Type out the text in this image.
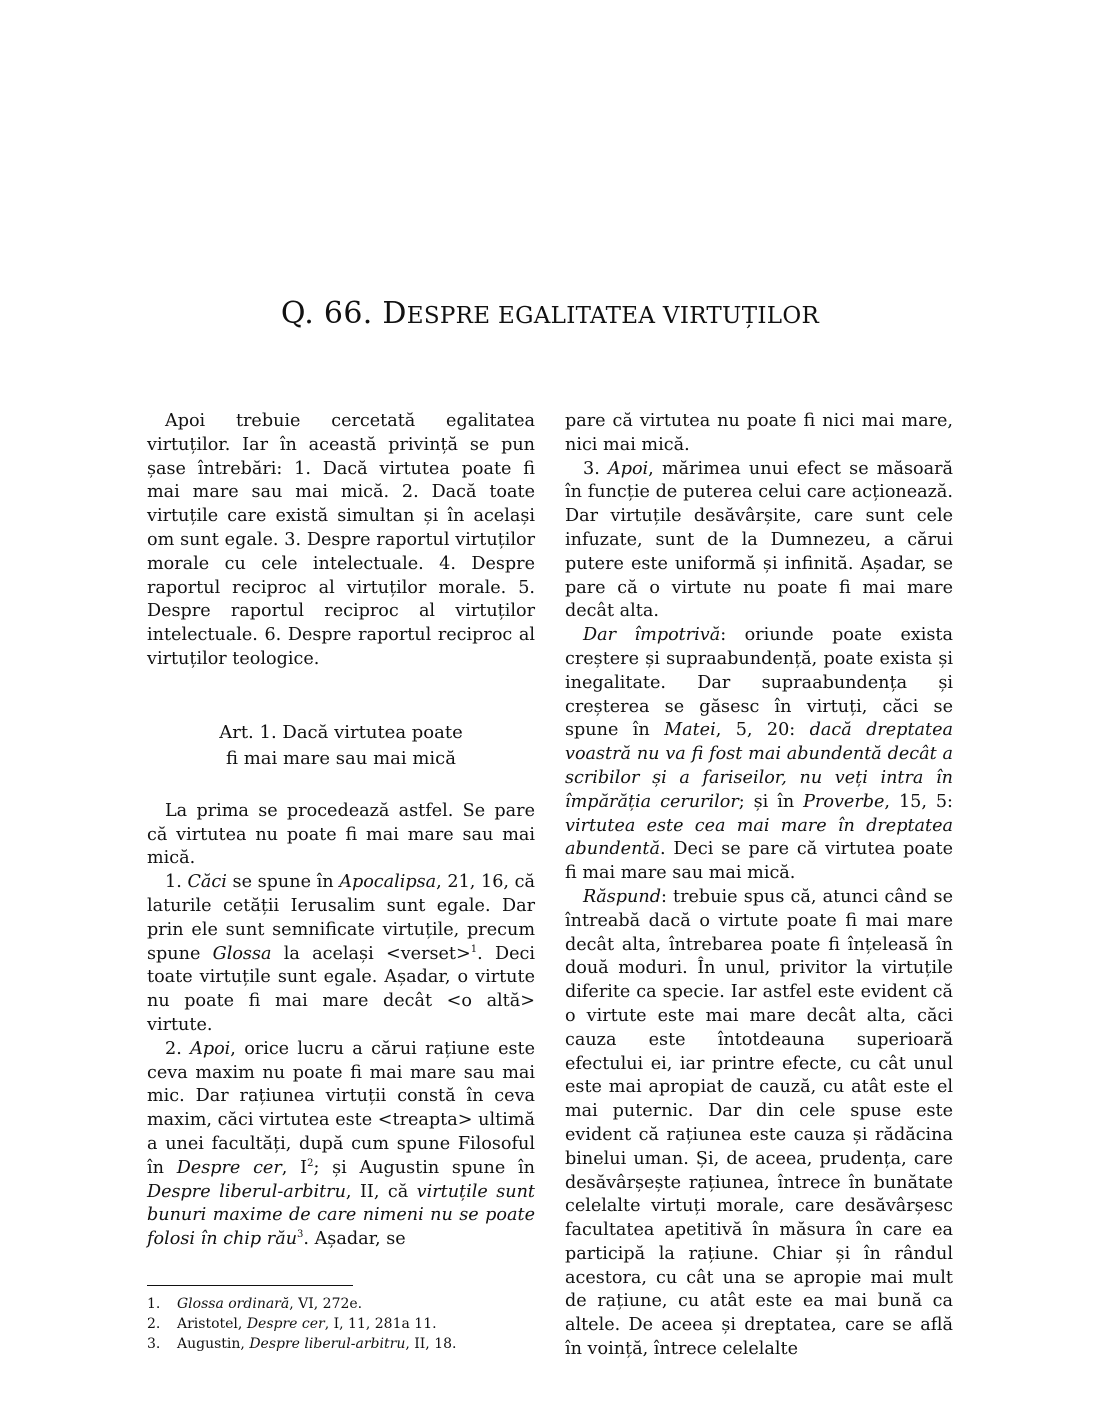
Q. 66. DESPRE EGALITATEA VIRTUȚILOR

Apoi trebuie cercetată egalitatea virtuților. Iar în această privință se pun șase întrebări: 1. Dacă virtutea poate fi mai mare sau mai mică. 2. Dacă toate virtuțile care există simultan și în același om sunt egale. 3. Despre raportul virtuților morale cu cele intelectuale. 4. Despre raportul reciproc al virtuților morale. 5. Despre raportul reciproc al virtuților intelectuale. 6. Despre raportul reciproc al virtuților teologice.

Art. 1. Dacă virtutea poate
fi mai mare sau mai mică

La prima se procedează astfel. Se pare că virtutea nu poate fi mai mare sau mai mică.

1. Căci se spune în Apocalipsa, 21, 16, că laturile cetății Ierusalim sunt egale. Dar prin ele sunt semnificate virtuțile, precum spune Glossa la același <verset>$^1$. Deci toate virtuțile sunt egale. Așadar, o virtute nu poate fi mai mare decât <o altă> virtute.

2. Apoi, orice lucru a cărui rațiune este ceva maxim nu poate fi mai mare sau mai mic. Dar rațiunea virtuții constă în ceva maxim, căci virtutea este <treapta> ultimă a unei facultăți, după cum spune Filosoful în Despre cer, $I^2$; și Augustin spune în Despre liberul-arbitru, II, că virtuțile sunt bunuri maxime de care nimeni nu se poate folosi în chip rău$^3$. Așadar, se

pare că virtutea nu poate fi nici mai mare, nici mai mică.

3. Apoi, mărimea unui efect se măsoară în funcție de puterea celui care acționează. Dar virtuțile desăvârșite, care sunt cele infuzate, sunt de la Dumnezeu, a cărui putere este uniformă și infinită. Așadar, se pare că o virtute nu poate fi mai mare decât alta.

Dar împotrivă: oriunde poate exista creștere și supraabundență, poate exista și inegalitate. Dar supraabundența și creșterea se găsesc în virtuți, căci se spune în Matei, 5, 20: dacă dreptatea voastră nu va fi fost mai abundentă decât a scribilor și a fariseilor, nu veți intra în împărăția cerurilor; și în Proverbe, 15, 5: virtutea este cea mai mare în dreptatea abundentă. Deci se pare că virtutea poate fi mai mare sau mai mică.

Răspund: trebuie spus că, atunci când se întreabă dacă o virtute poate fi mai mare decât alta, întrebarea poate fi înțeleasă în două moduri. În unul, privitor la virtuțile diferite ca specie. Iar astfel este evident că o virtute este mai mare decât alta, căci cauza este întotdeauna superioară efectului ei, iar printre efecte, cu cât unul este mai apropiat de cauză, cu atât este el mai puternic. Dar din cele spuse este evident că rațiunea este cauza și rădăcina binelui uman. Și, de aceea, prudența, care desăvârșește rațiunea, întrece în bunătate celelalte virtuți morale, care desăvârșesc facultatea apetitivă în măsura în care ea participă la rațiune. Chiar și în rândul acestora, cu cât una se apropie mai mult de rațiune, cu atât este ea mai bună ca altele. De aceea și dreptatea, care se află în voință, întrece celelalte

1.	Glossa ordinară, VI, 272e.
2.	Aristotel, Despre cer, I, 11, 281a 11.
3.	Augustin, Despre liberul-arbitru, II, 18.
